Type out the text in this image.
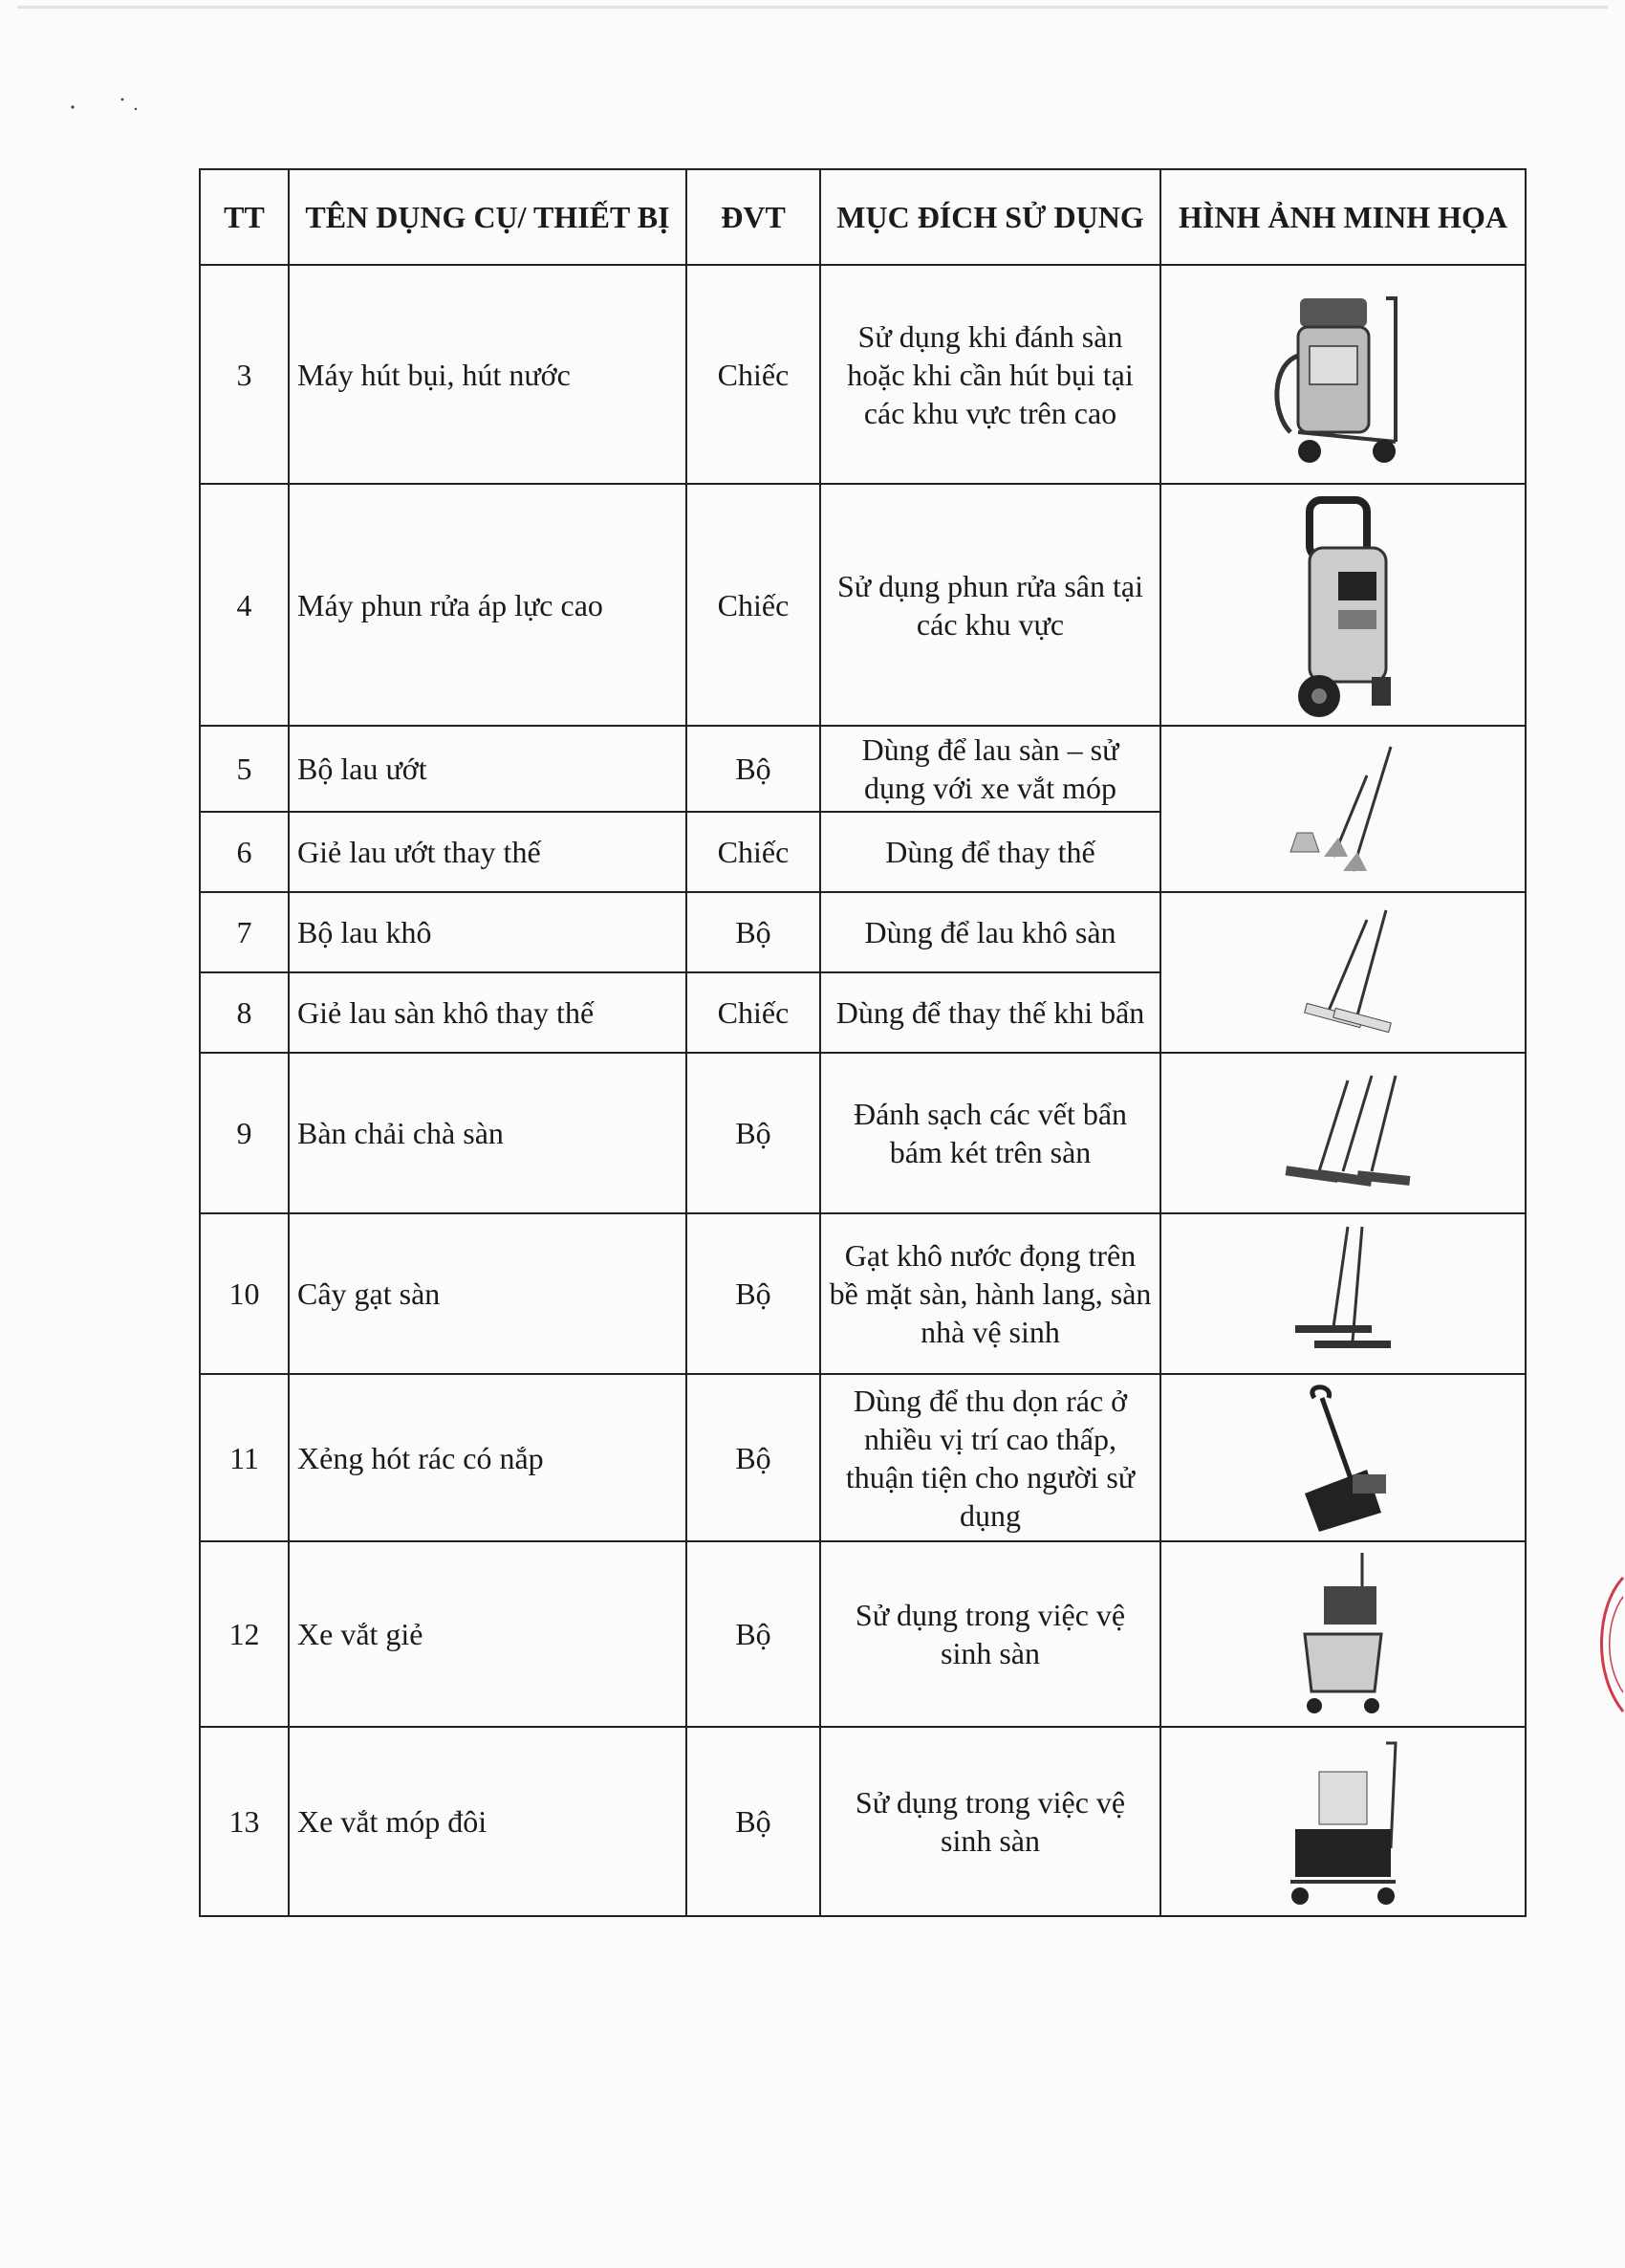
TT	TÊN DỤNG CỤ/ THIẾT BỊ	ĐVT	MỤC ĐÍCH SỬ DỤNG	HÌNH ẢNH MINH HỌA
3	Máy hút bụi, hút nước	Chiếc	Sử dụng khi đánh sàn hoặc khi cần hút bụi tại các khu vực trên cao	

4	Máy phun rửa áp lực cao	Chiếc	Sử dụng phun rửa sân tại các khu vực	

5	Bộ lau ướt	Bộ	Dùng để lau sàn – sử dụng với xe vắt móp	

6	Giẻ lau ướt thay thế	Chiếc	Dùng để thay thế	
7	Bộ lau khô	Bộ	Dùng để lau khô sàn	

8	Giẻ lau sàn khô thay thế	Chiếc	Dùng để thay thế khi bẩn	
9	Bàn chải chà sàn	Bộ	Đánh sạch các vết bẩn bám két trên sàn	

10	Cây gạt sàn	Bộ	Gạt khô nước đọng trên bề mặt sàn, hành lang, sàn nhà vệ sinh	

11	Xẻng hót rác có nắp	Bộ	Dùng để thu dọn rác ở nhiều vị trí cao thấp, thuận tiện cho người sử dụng	

12	Xe vắt giẻ	Bộ	Sử dụng trong việc vệ sinh sàn	

13	Xe vắt móp đôi	Bộ	Sử dụng trong việc vệ sinh sàn	
